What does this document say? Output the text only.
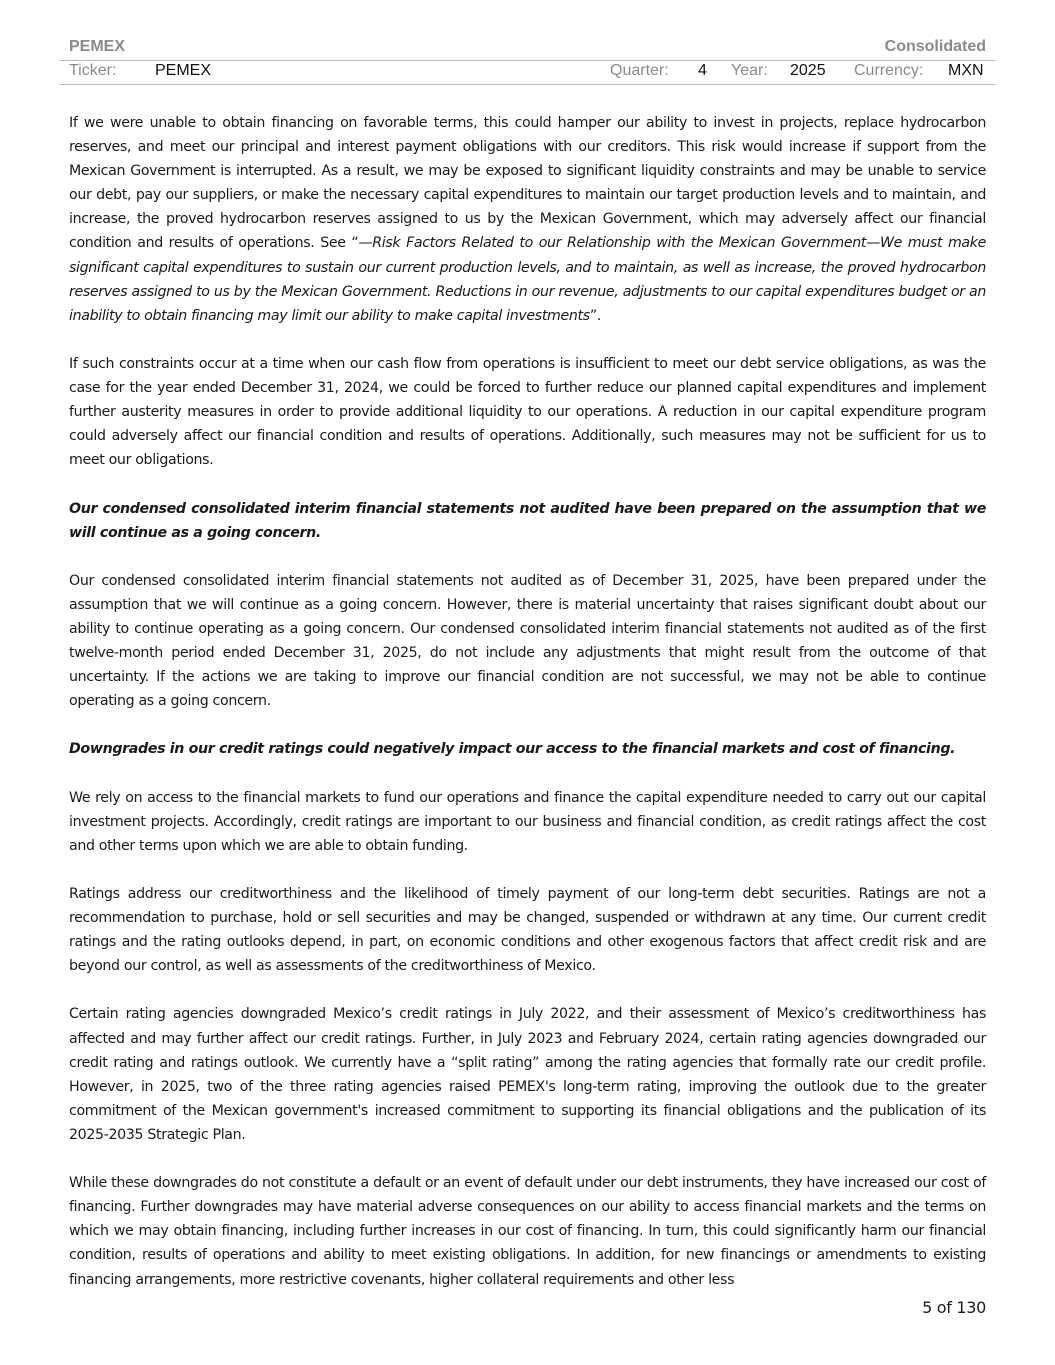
PEMEX	Consolidated
Ticker: PEMEX	Quarter: 4 Year: 2025 Currency: MXN

If we were unable to obtain financing on favorable terms, this could hamper our ability to invest in projects, replace hydrocarbon reserves, and meet our principal and interest payment obligations with our creditors. This risk would increase if support from the Mexican Government is interrupted. As a result, we may be exposed to significant liquidity constraints and may be unable to service our debt, pay our suppliers, or make the necessary capital expenditures to maintain our target production levels and to maintain, and increase, the proved hydrocarbon reserves assigned to us by the Mexican Government, which may adversely affect our financial condition and results of operations. See “—Risk Factors Related to our Relationship with the Mexican Government—We must make significant capital expenditures to sustain our current production levels, and to maintain, as well as increase, the proved hydrocarbon reserves assigned to us by the Mexican Government. Reductions in our revenue, adjustments to our capital expenditures budget or an inability to obtain financing may limit our ability to make capital investments”.

If such constraints occur at a time when our cash flow from operations is insufficient to meet our debt service obligations, as was the case for the year ended December 31, 2024, we could be forced to further reduce our planned capital expenditures and implement further austerity measures in order to provide additional liquidity to our operations. A reduction in our capital expenditure program could adversely affect our financial condition and results of operations. Additionally, such measures may not be sufficient for us to meet our obligations.

Our condensed consolidated interim financial statements not audited have been prepared on the assumption that we will continue as a going concern.

Our condensed consolidated interim financial statements not audited as of December 31, 2025, have been prepared under the assumption that we will continue as a going concern. However, there is material uncertainty that raises significant doubt about our ability to continue operating as a going concern. Our condensed consolidated interim financial statements not audited as of the first twelve-month period ended December 31, 2025, do not include any adjustments that might result from the outcome of that uncertainty. If the actions we are taking to improve our financial condition are not successful, we may not be able to continue operating as a going concern.

Downgrades in our credit ratings could negatively impact our access to the financial markets and cost of financing.

We rely on access to the financial markets to fund our operations and finance the capital expenditure needed to carry out our capital investment projects. Accordingly, credit ratings are important to our business and financial condition, as credit ratings affect the cost and other terms upon which we are able to obtain funding.

Ratings address our creditworthiness and the likelihood of timely payment of our long-term debt securities. Ratings are not a recommendation to purchase, hold or sell securities and may be changed, suspended or withdrawn at any time. Our current credit ratings and the rating outlooks depend, in part, on economic conditions and other exogenous factors that affect credit risk and are beyond our control, as well as assessments of the creditworthiness of Mexico.

Certain rating agencies downgraded Mexico’s credit ratings in July 2022, and their assessment of Mexico’s creditworthiness has affected and may further affect our credit ratings. Further, in July 2023 and February 2024, certain rating agencies downgraded our credit rating and ratings outlook. We currently have a “split rating” among the rating agencies that formally rate our credit profile. However, in 2025, two of the three rating agencies raised PEMEX's long-term rating, improving the outlook due to the greater commitment of the Mexican government's increased commitment to supporting its financial obligations and the publication of its 2025-2035 Strategic Plan.

While these downgrades do not constitute a default or an event of default under our debt instruments, they have increased our cost of financing. Further downgrades may have material adverse consequences on our ability to access financial markets and the terms on which we may obtain financing, including further increases in our cost of financing. In turn, this could significantly harm our financial condition, results of operations and ability to meet existing obligations. In addition, for new financings or amendments to existing financing arrangements, more restrictive covenants, higher collateral requirements and other less

5 of 130
